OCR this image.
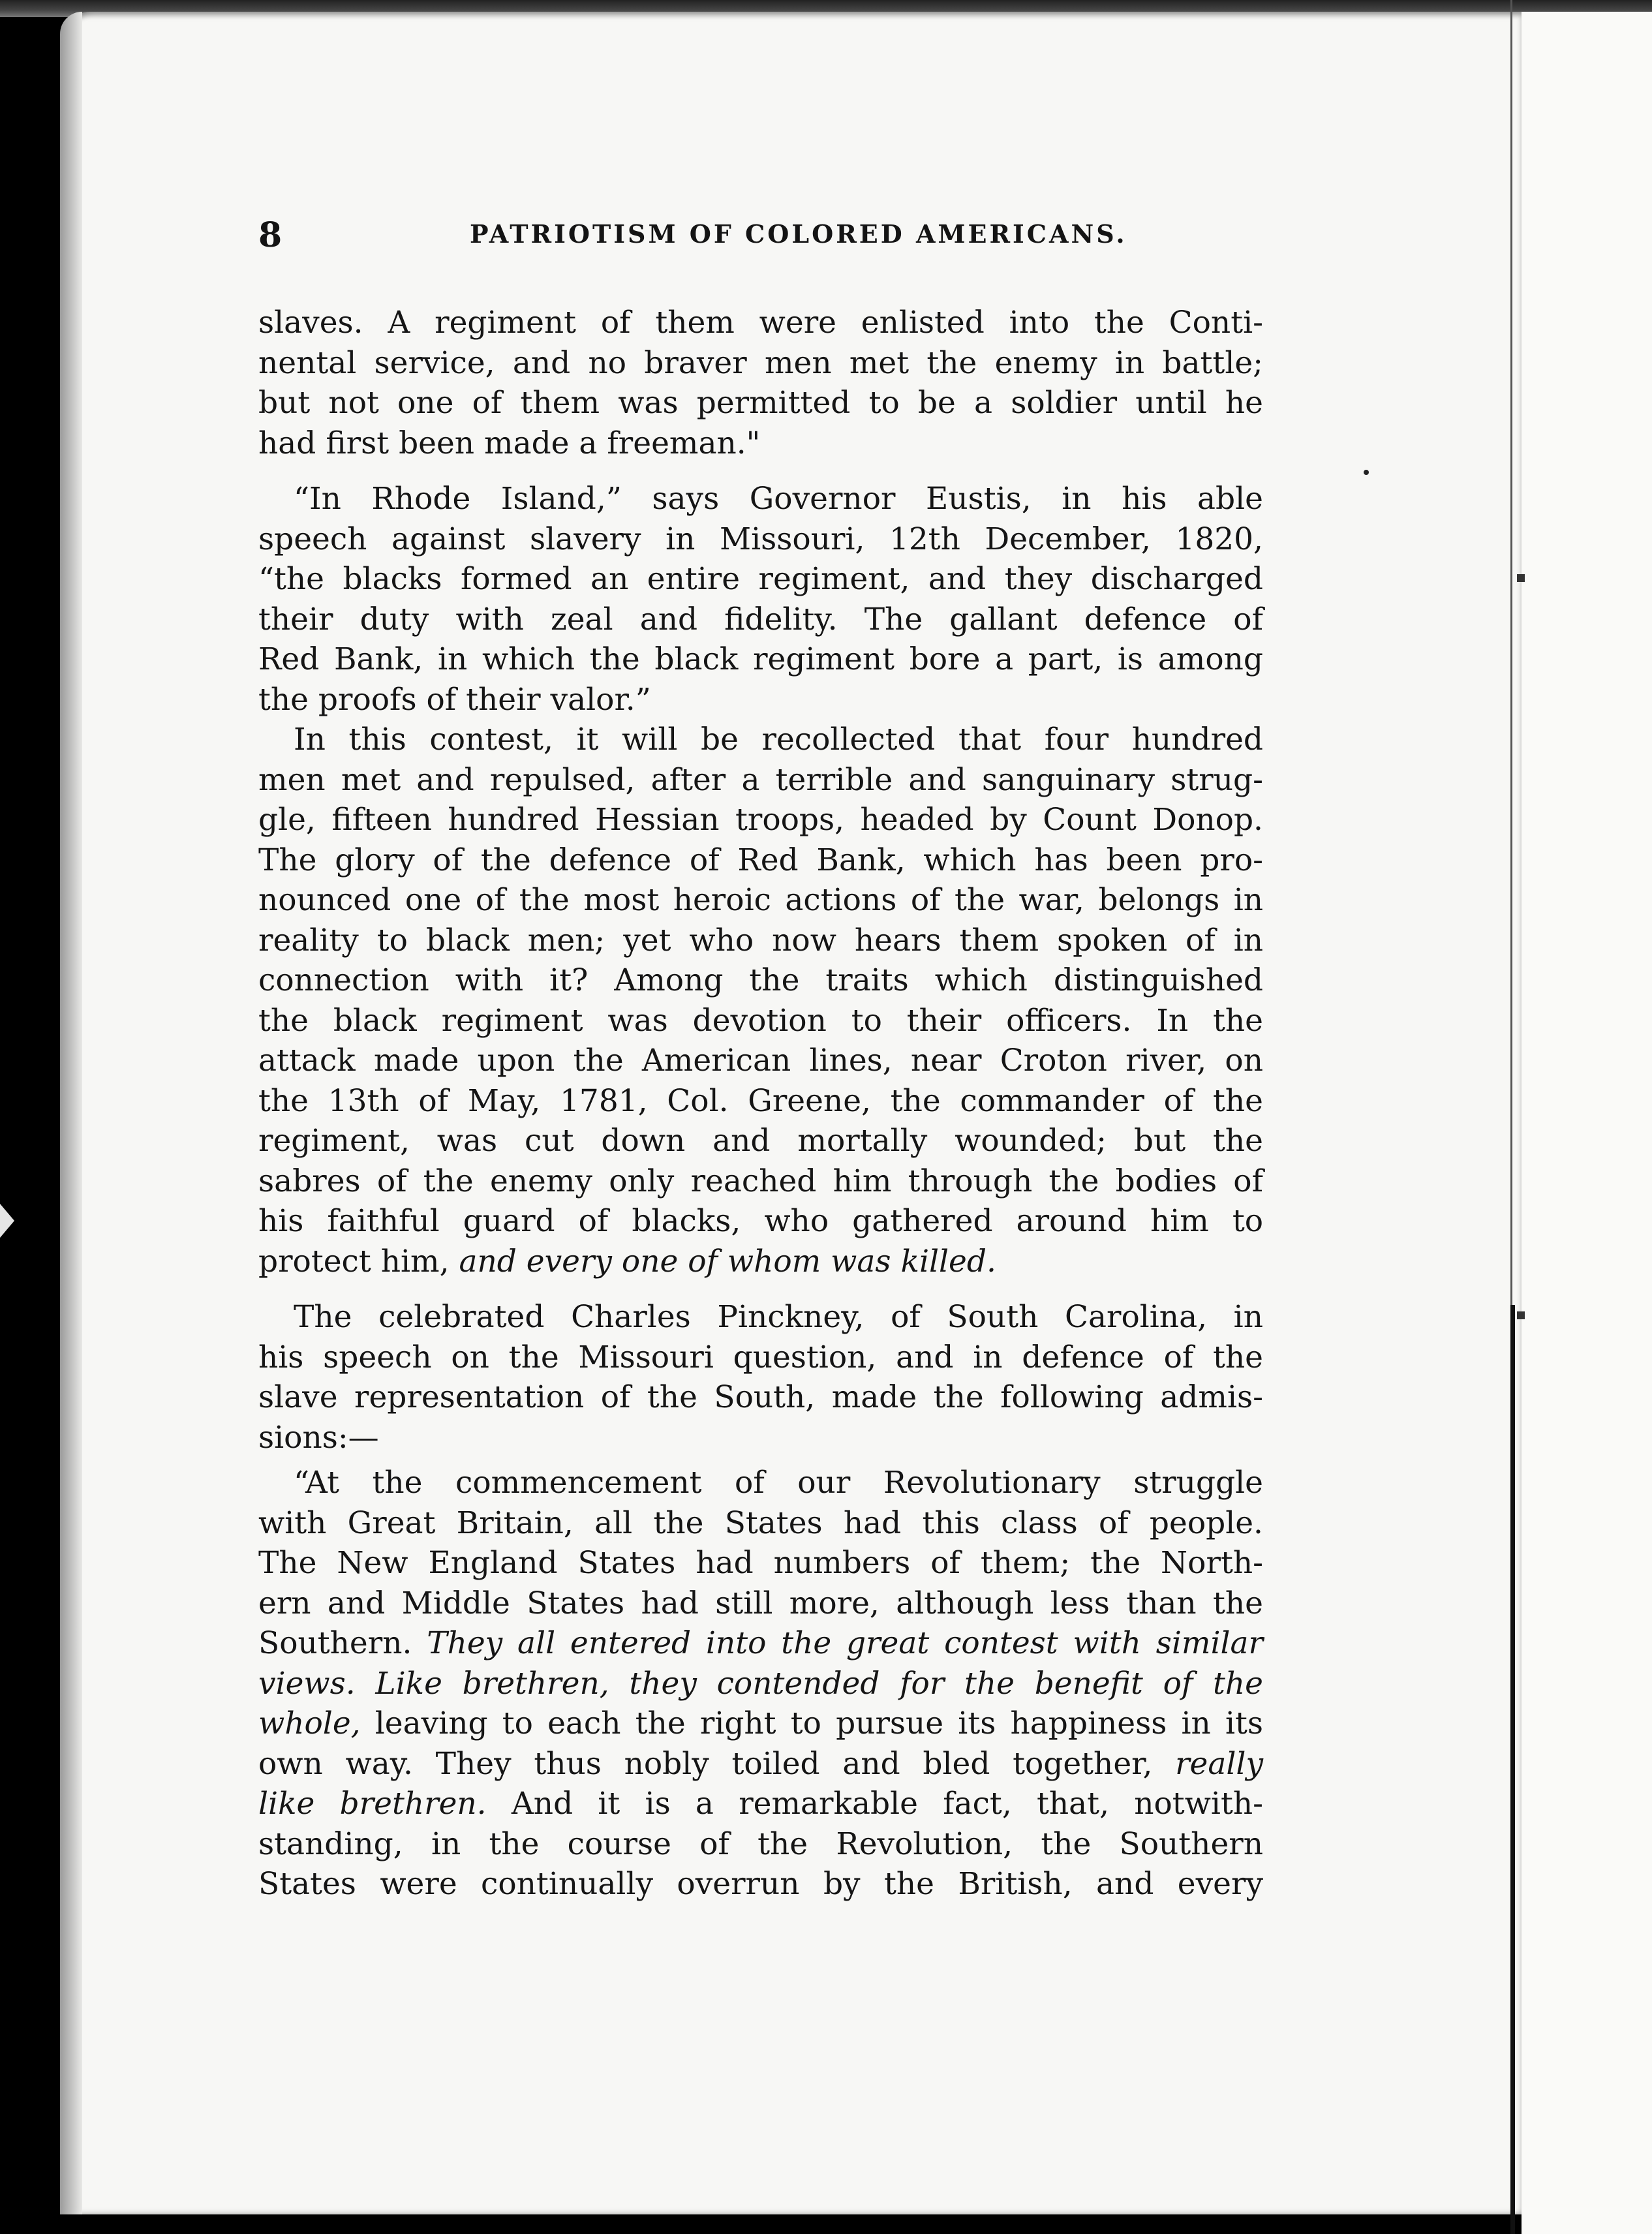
8	PATRIOTISM OF COLORED AMERICANS.
slaves. A regiment of them were enlisted into the Conti-
nental service, and no braver men met the enemy in battle;
but not one of them was permitted to be a soldier until he
had first been made a freeman."
“In Rhode Island,” says Governor Eustis, in his able
speech against slavery in Missouri, 12th December, 1820,
“the blacks formed an entire regiment, and they discharged
their duty with zeal and fidelity. The gallant defence of
Red Bank, in which the black regiment bore a part, is among
the proofs of their valor.”
In this contest, it will be recollected that four hundred
men met and repulsed, after a terrible and sanguinary strug-
gle, fifteen hundred Hessian troops, headed by Count Donop.
The glory of the defence of Red Bank, which has been pro-
nounced one of the most heroic actions of the war, belongs in
reality to black men; yet who now hears them spoken of in
connection with it? Among the traits which distinguished
the black regiment was devotion to their officers. In the
attack made upon the American lines, near Croton river, on
the 13th of May, 1781, Col. Greene, the commander of the
regiment, was cut down and mortally wounded; but the
sabres of the enemy only reached him through the bodies of
his faithful guard of blacks, who gathered around him to
protect him, and every one of whom was killed.
The celebrated Charles Pinckney, of South Carolina, in
his speech on the Missouri question, and in defence of the
slave representation of the South, made the following admis-
sions:—
“At the commencement of our Revolutionary struggle
with Great Britain, all the States had this class of people.
The New England States had numbers of them; the North-
ern and Middle States had still more, although less than the
Southern. They all entered into the great contest with similar
views. Like brethren, they contended for the benefit of the
whole, leaving to each the right to pursue its happiness in its
own way. They thus nobly toiled and bled together, really
like brethren. And it is a remarkable fact, that, notwith-
standing, in the course of the Revolution, the Southern
States were continually overrun by the British, and every
